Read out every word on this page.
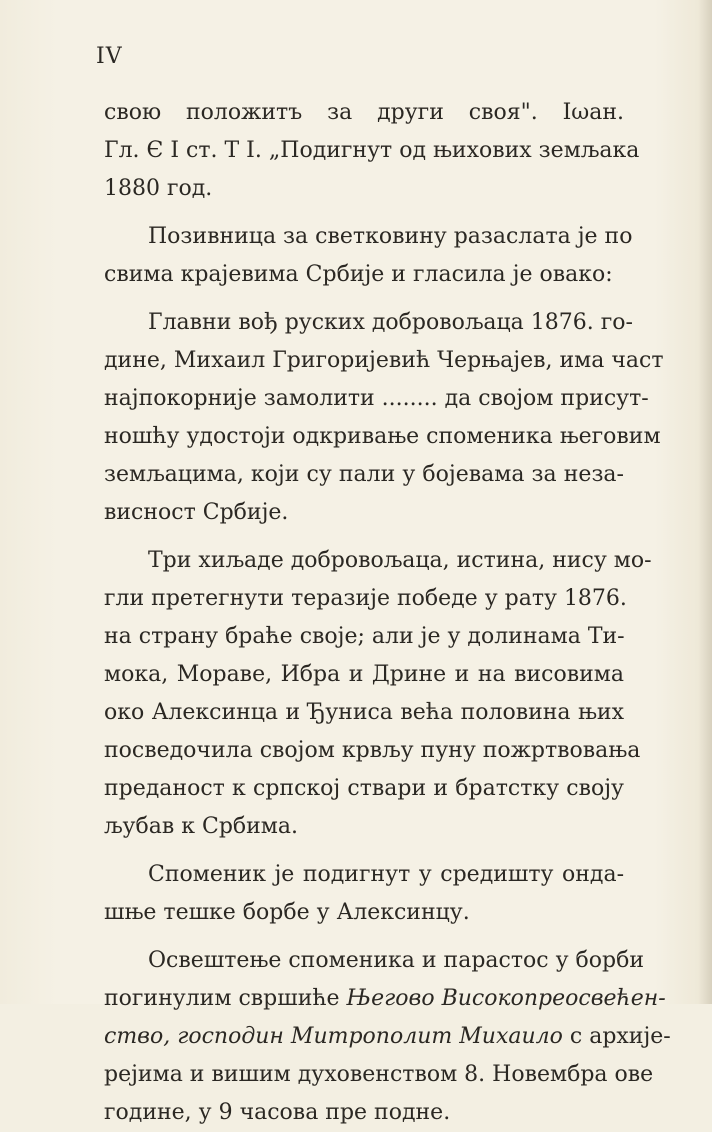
IV
свою положитъ за други своя". Іωан.
Гл. Є І ст. Т І. „Подигнут од њихових земљака
1880 год.
Позивница за светковину разаслата је по
свима крајевима Србије и гласила је овако:
Главни вођ руских добровољаца 1876. го-
дине, Михаил Григоријевић Черњајев, има част
најпокорније замолити ........ да својом присут-
ношћу удостоји одкривање споменика његовим
земљацима, који су пали у бојевама за неза-
висност Србије.
Три хиљаде добровољаца, истина, нису мо-
гли претегнути теразије победе у рату 1876.
на страну браће своје; али је у долинама Ти-
мока, Мораве, Ибра и Дрине и на висовима
око Алексинца и Ђуниса већа половина њих
посведочила својом крвљу пуну пожртвовања
преданост к српској ствари и братстку своју
љубав к Србима.
Споменик је подигнут у средишту онда-
шње тешке борбе у Алексинцу.
Освештење споменика и парастос у борби
погинулим свршиће Његово Високопреосвећен-
ство, господин Митрополит Михаило с архије-
рејима и вишим духовенством 8. Новембра ове
године, у 9 часова пре подне.
